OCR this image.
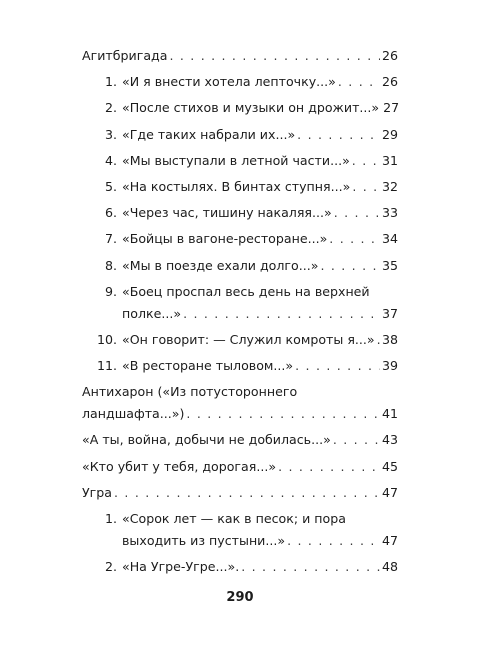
Агитбригада . . .	26
1. «И я внести хотела лепточку...» . . .	26
2. «После стихов и музыки он дрожит...» 27
3. «Где таких набрали их...» . . .	29
4. «Мы выступали в летной части...» . . .	31
5. «На костылях. В бинтах ступня...» . . .	32
6. «Через час, тишину накаляя...» . . .	33
7. «Бойцы в вагоне-ресторане...» . . .	34
8. «Мы в поезде ехали долго...» . . .	35
9. «Боец проспал весь день на верхней
полке...» . . .	37
10. «Он говорит: — Служил комроты я...» . . . 38
11. «В ресторане тыловом...» . . .	39
Антихарон («Из потустороннего
ландшафта...») . . .	41
«А ты, война, добычи не добилась...» . . .	43
«Кто убит у тебя, дорогая...» . . .	45
Угра . . .	47
1. «Сорок лет — как в песок; и пора
выходить из пустыни...» . . .	47
2. «На Угре-Угре...». . . .	48
290
